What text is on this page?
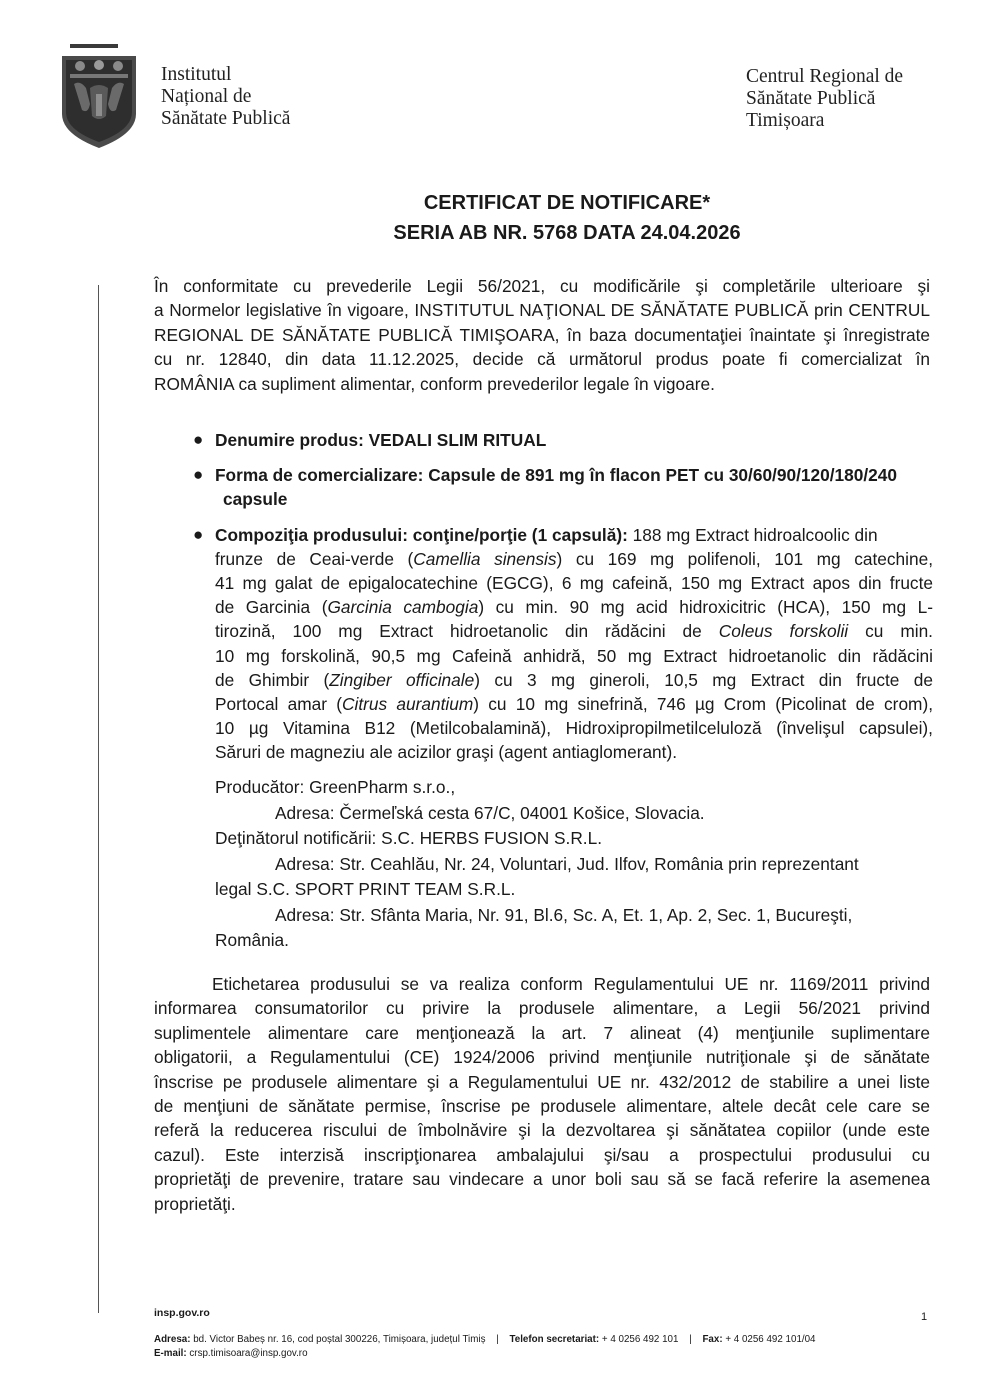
Institutul
Național de
Sănătate Publică
Centrul Regional de
Sănătate Publică
Timișoara
CERTIFICAT DE NOTIFICARE*
SERIA AB NR. 5768 DATA 24.04.2026
În conformitate cu prevederile Legii 56/2021, cu modificările şi completările ulterioare şi
a Normelor legislative în vigoare, INSTITUTUL NAŢIONAL DE SĂNĂTATE PUBLICĂ prin CENTRUL
REGIONAL DE SĂNĂTATE PUBLICĂ TIMIŞOARA, în baza documentaţiei înaintate şi înregistrate
cu nr. 12840, din data 11.12.2025, decide că următorul produs poate fi comercializat în
ROMÂNIA ca supliment alimentar, conform prevederilor legale în vigoare.
● Denumire produs: VEDALI SLIM RITUAL
● Forma de comercializare: Capsule de 891 mg în flacon PET cu 30/60/90/120/180/240
capsule
● Compoziţia produsului: conţine/porţie (1 capsulă): 188 mg Extract hidroalcoolic din
frunze de Ceai-verde (Camellia sinensis) cu 169 mg polifenoli, 101 mg catechine,
41 mg galat de epigalocatechine (EGCG), 6 mg cafeină, 150 mg Extract apos din fructe
de Garcinia (Garcinia cambogia) cu min. 90 mg acid hidroxicitric (HCA), 150 mg L-
tirozină, 100 mg Extract hidroetanolic din rădăcini de Coleus forskolii cu min.
10 mg forskolină, 90,5 mg Cafeină anhidră, 50 mg Extract hidroetanolic din rădăcini
de Ghimbir (Zingiber officinale) cu 3 mg gineroli, 10,5 mg Extract din fructe de
Portocal amar (Citrus aurantium) cu 10 mg sinefrină, 746 µg Crom (Picolinat de crom),
10 µg Vitamina B12 (Metilcobalamină), Hidroxipropilmetilceluloză (învelişul capsulei),
Săruri de magneziu ale acizilor graşi (agent antiaglomerant).
Producător: GreenPharm s.r.o.,
Adresa: Čermeľská cesta 67/C, 04001 Košice, Slovacia.
Deţinătorul notificării: S.C. HERBS FUSION S.R.L.
Adresa: Str. Ceahlău, Nr. 24, Voluntari, Jud. Ilfov, România prin reprezentant
legal S.C. SPORT PRINT TEAM S.R.L.
Adresa: Str. Sfânta Maria, Nr. 91, Bl.6, Sc. A, Et. 1, Ap. 2, Sec. 1, Bucureşti,
România.
Etichetarea produsului se va realiza conform Regulamentului UE nr. 1169/2011 privind
informarea consumatorilor cu privire la produsele alimentare, a Legii 56/2021 privind
suplimentele alimentare care menţionează la art. 7 alineat (4) menţiunile suplimentare
obligatorii, a Regulamentului (CE) 1924/2006 privind menţiunile nutriţionale şi de sănătate
înscrise pe produsele alimentare şi a Regulamentului UE nr. 432/2012 de stabilire a unei liste
de menţiuni de sănătate permise, înscrise pe produsele alimentare, altele decât cele care se
referă la reducerea riscului de îmbolnăvire şi la dezvoltarea şi sănătatea copiilor (unde este
cazul). Este interzisă inscripţionarea ambalajului şi/sau a prospectului produsului cu
proprietăţi de prevenire, tratare sau vindecare a unor boli sau să se facă referire la asemenea
proprietăţi.
insp.gov.ro	1
Adresa: bd. Victor Babeș nr. 16, cod poștal 300226, Timișoara, județul Timiș | Telefon secretariat: + 4 0256 492 101 | Fax: + 4 0256 492 101/04
E-mail: crsp.timisoara@insp.gov.ro
